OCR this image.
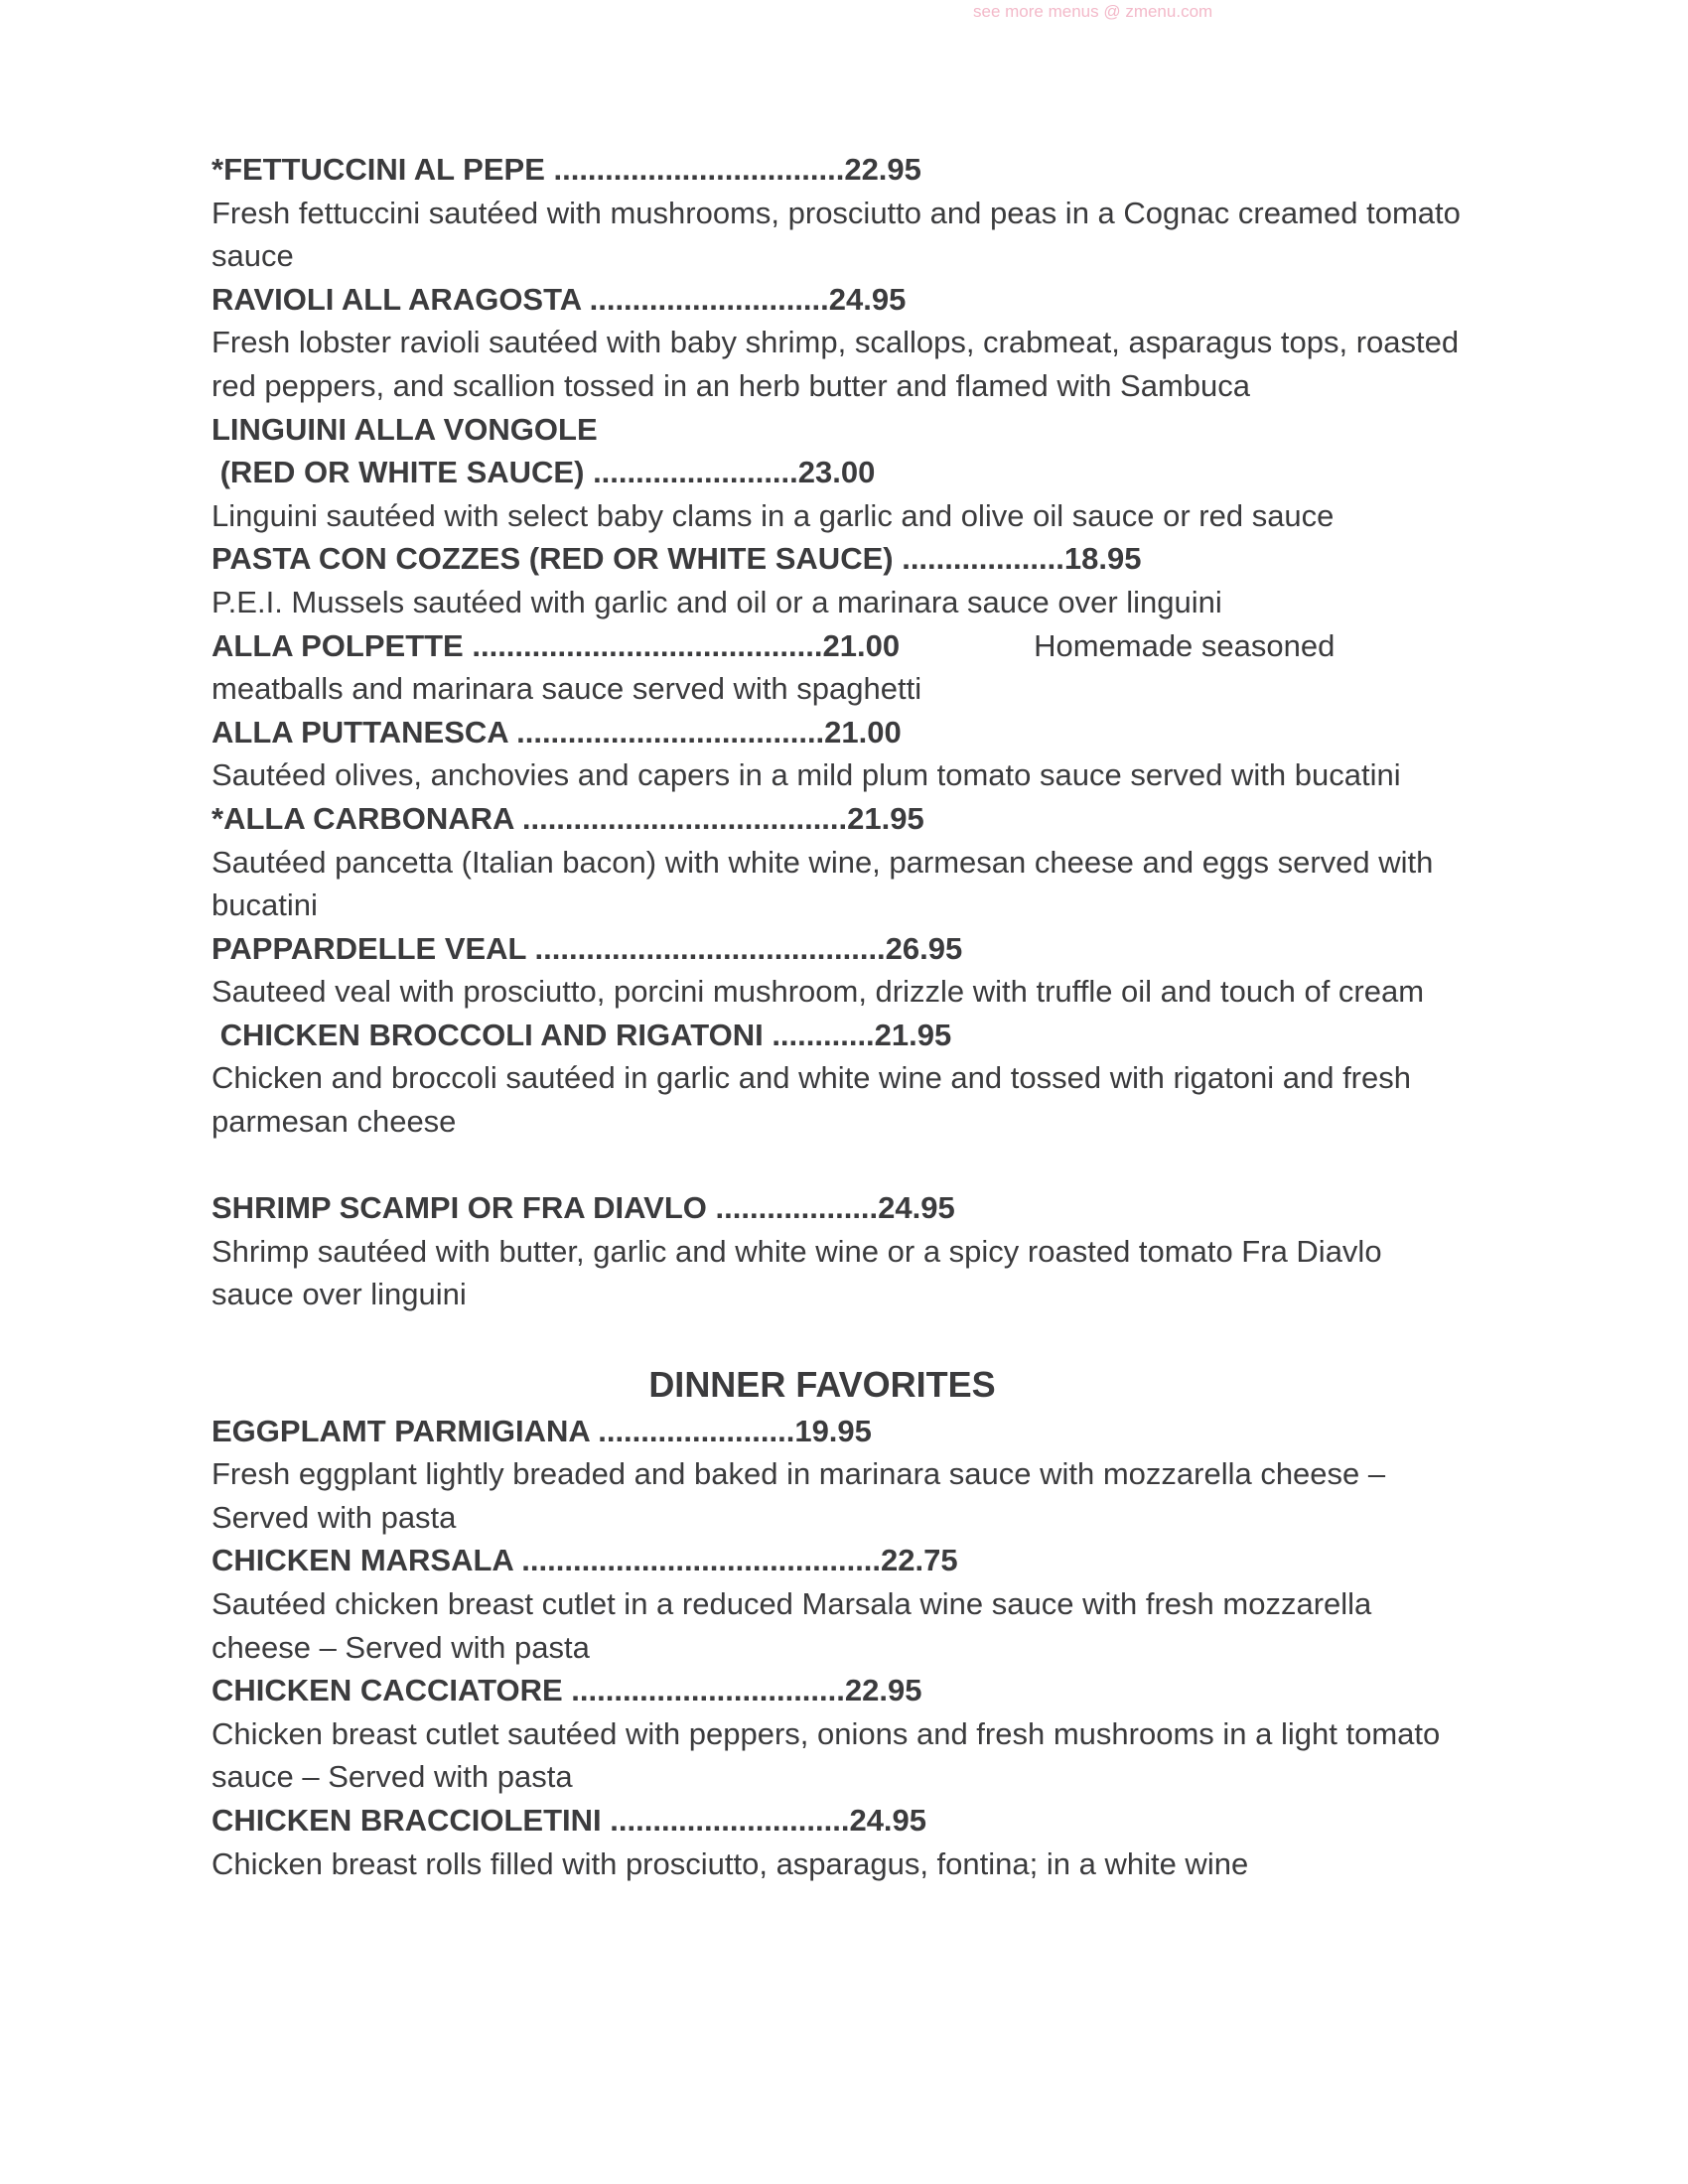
see more menus @ zmenu.com
*FETTUCCINI AL PEPE ..................................22.95
Fresh fettuccini sautéed with mushrooms, prosciutto and peas in a Cognac creamed tomato sauce
RAVIOLI ALL ARAGOSTA ............................24.95
Fresh lobster ravioli sautéed with baby shrimp, scallops, crabmeat, asparagus tops, roasted red peppers, and scallion tossed in an herb butter and flamed with Sambuca
LINGUINI ALLA VONGOLE
(RED OR WHITE SAUCE) ........................23.00
Linguini sautéed with select baby clams in a garlic and olive oil sauce or red sauce
PASTA CON COZZES (RED OR WHITE SAUCE) ...................18.95
P.E.I. Mussels sautéed with garlic and oil or a marinara sauce over linguini
ALLA POLPETTE .........................................21.00	Homemade seasoned
meatballs and marinara sauce served with spaghetti
ALLA PUTTANESCA ....................................21.00
Sautéed olives, anchovies and capers in a mild plum tomato sauce served with bucatini
*ALLA CARBONARA ......................................21.95
Sautéed pancetta (Italian bacon) with white wine, parmesan cheese and eggs served with bucatini
PAPPARDELLE VEAL .........................................26.95
Sauteed veal with prosciutto, porcini mushroom, drizzle with truffle oil and touch of cream
CHICKEN BROCCOLI AND RIGATONI ............21.95
Chicken and broccoli sautéed in garlic and white wine and tossed with rigatoni and fresh parmesan cheese
SHRIMP SCAMPI OR FRA DIAVLO ...................24.95
Shrimp sautéed with butter, garlic and white wine or a spicy roasted tomato Fra Diavlo sauce over linguini
DINNER FAVORITES
EGGPLAMT PARMIGIANA .......................19.95
Fresh eggplant lightly breaded and baked in marinara sauce with mozzarella cheese – Served with pasta
CHICKEN MARSALA ..........................................22.75
Sautéed chicken breast cutlet in a reduced Marsala wine sauce with fresh mozzarella cheese – Served with pasta
CHICKEN CACCIATORE ................................22.95
Chicken breast cutlet sautéed with peppers, onions and fresh mushrooms in a light tomato sauce – Served with pasta
CHICKEN BRACCIOLETINI ............................24.95
Chicken breast rolls filled with prosciutto, asparagus, fontina; in a white wine
